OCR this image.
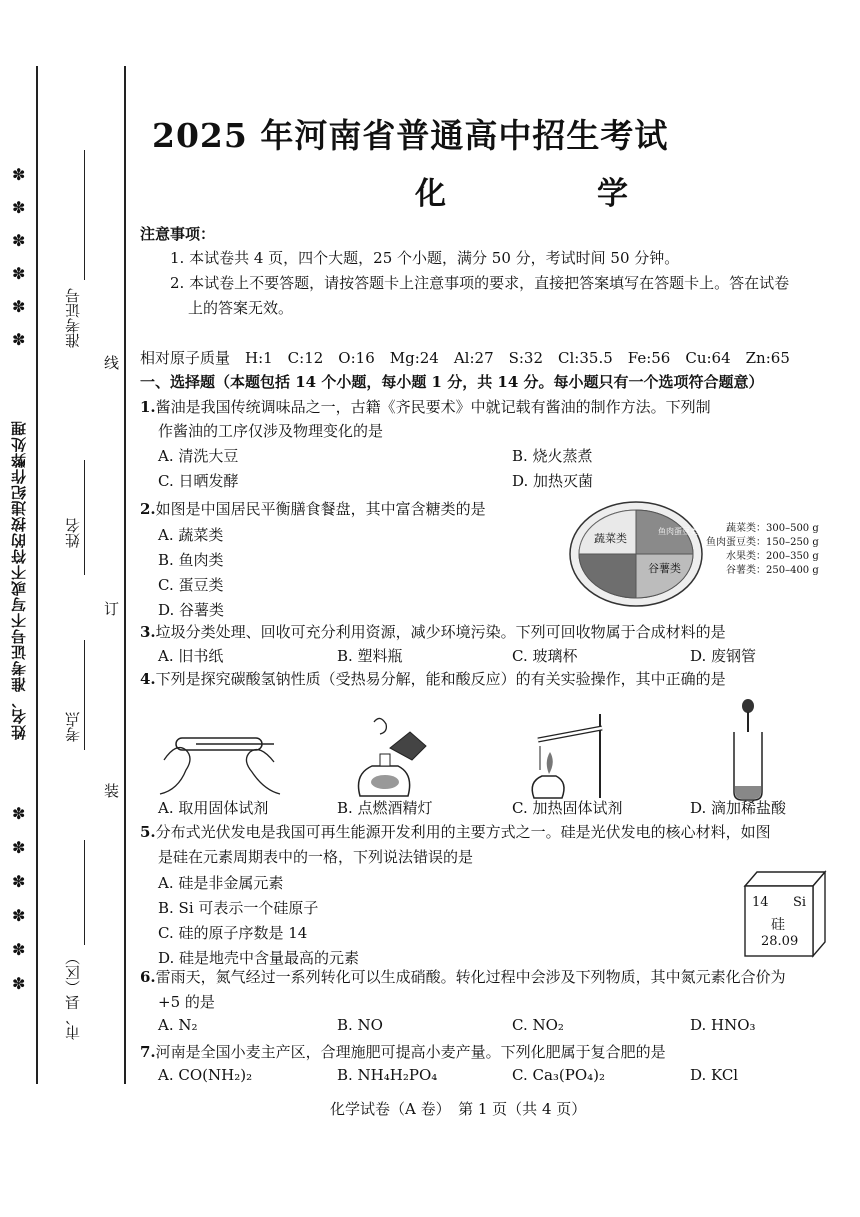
✽
✽
✽
✽
✽
✽
✽
✽
✽
✽
✽
✽
姓名、准考证号不写或不符的按违纪作弊处理
准考证号
姓名
考点
市、县（区）
线
订
装
2025 年河南省普通高中招生考试
化　学
注意事项：
1. 本试卷共 4 页，四个大题，25 个小题，满分 50 分，考试时间 50 分钟。
2. 本试卷上不要答题，请按答题卡上注意事项的要求，直接把答案填写在答题卡上。答在试卷
上的答案无效。
相对原子质量　H:1　C:12　O:16　Mg:24　Al:27　S:32　Cl:35.5　Fe:56　Cu:64　Zn:65
一、选择题（本题包括 14 个小题，每小题 1 分，共 14 分。每小题只有一个选项符合题意）
1.酱油是我国传统调味品之一，古籍《齐民要术》中就记载有酱油的制作方法。下列制
作酱油的工序仅涉及物理变化的是
A. 清洗大豆	B. 烧火蒸煮
C. 日晒发酵	D. 加热灭菌
2.如图是中国居民平衡膳食餐盘，其中富含糖类的是
A. 蔬菜类
B. 鱼肉类
C. 蛋豆类
D. 谷薯类
蔬菜类
鱼肉蛋豆类
谷薯类
蔬菜类：300–500 g
鱼肉蛋豆类：150–250 g
水果类：200–350 g
谷薯类：250–400 g
3.垃圾分类处理、回收可充分利用资源，减少环境污染。下列可回收物属于合成材料的是
A. 旧书纸	B. 塑料瓶	C. 玻璃杯	D. 废钢管
4.下列是探究碳酸氢钠性质（受热易分解，能和酸反应）的有关实验操作，其中正确的是
A. 取用固体试剂	B. 点燃酒精灯	C. 加热固体试剂	D. 滴加稀盐酸
5.分布式光伏发电是我国可再生能源开发利用的主要方式之一。硅是光伏发电的核心材料，如图
是硅在元素周期表中的一格，下列说法错误的是
A. 硅是非金属元素
B. Si 可表示一个硅原子
C. 硅的原子序数是 14
D. 硅是地壳中含量最高的元素
14 Si
硅
28.09
6.雷雨天，氮气经过一系列转化可以生成硝酸。转化过程中会涉及下列物质，其中氮元素化合价为
+5 的是
A. N₂	B. NO	C. NO₂	D. HNO₃
7.河南是全国小麦主产区，合理施肥可提高小麦产量。下列化肥属于复合肥的是
A. CO(NH₂)₂	B. NH₄H₂PO₄	C. Ca₃(PO₄)₂	D. KCl
化学试卷（A 卷）　第 1 页（共 4 页）
